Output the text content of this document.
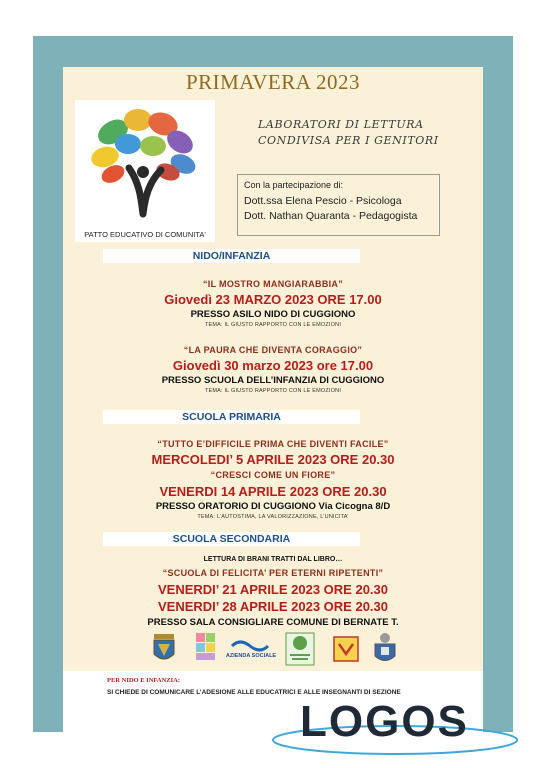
PRIMAVERA 2023
PATTO EDUCATIVO DI COMUNITA'
LABORATORI DI LETTURA
CONDIVISA PER I GENITORI
Con la partecipazione di:
Dott.ssa Elena Pescio - Psicologa
Dott. Nathan Quaranta - Pedagogista
NIDO/INFANZIA
“IL MOSTRO MANGIARABBIA”
Giovedì 23 MARZO 2023 ORE 17.00
PRESSO ASILO NIDO DI CUGGIONO
TEMA: IL GIUSTO RAPPORTO CON LE EMOZIONI
“LA PAURA CHE DIVENTA CORAGGIO”
Giovedì 30 marzo 2023 ore 17.00
PRESSO SCUOLA DELL’INFANZIA DI CUGGIONO
TEMA: IL GIUSTO RAPPORTO CON LE EMOZIONI
SCUOLA PRIMARIA
“TUTTO E’DIFFICILE PRIMA CHE DIVENTI FACILE”
MERCOLEDI’ 5 APRILE 2023 ORE 20.30
“CRESCI COME UN FIORE”
VENERDI 14 APRILE 2023 ORE 20.30
PRESSO ORATORIO DI CUGGIONO Via Cicogna 8/D
TEMA: L’AUTOSTIMA, LA VALORIZZAZIONE, L’UNICITA’
SCUOLA SECONDARIA
LETTURA DI BRANI TRATTI DAL LIBRO…
“SCUOLA DI FELICITA’ PER ETERNI RIPETENTI”
VENERDI’ 21 APRILE 2023 ORE 20.30
VENERDI’ 28 APRILE 2023 ORE 20.30
PRESSO SALA CONSIGLIARE COMUNE DI BERNATE T.
AZIENDA SOCIALE
PER NIDO E INFANZIA:
SI CHIEDE DI COMUNICARE L’ADESIONE ALLE EDUCATRICI E ALLE INSEGNANTI DI SEZIONE
LOGOS
